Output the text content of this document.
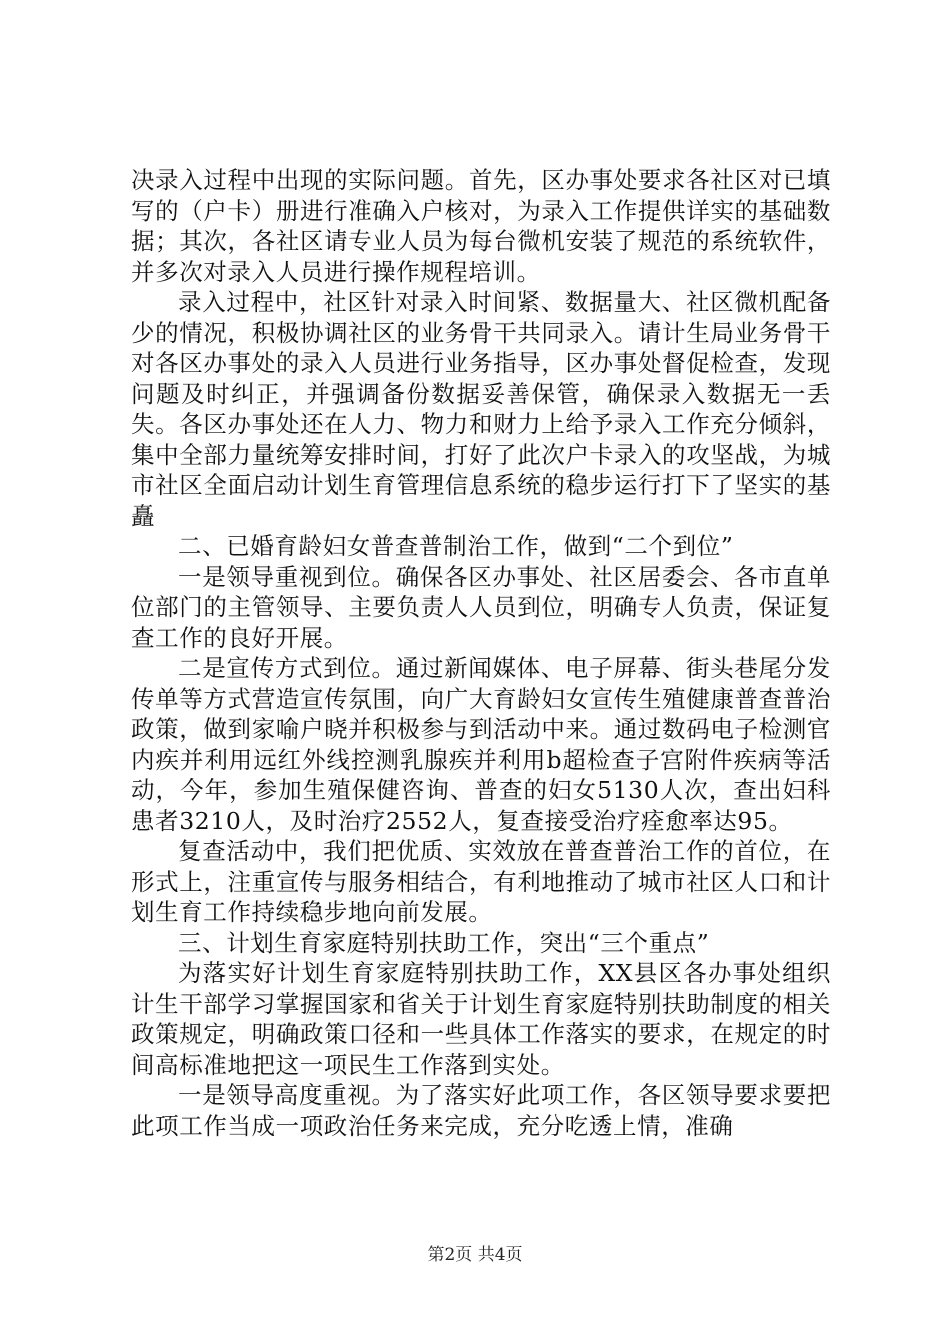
决录入过程中出现的实际问题。首先，区办事处要求各社区对已填写的（户卡）册进行准确入户核对，为录入工作提供详实的基础数据；其次，各社区请专业人员为每台微机安装了规范的系统软件，并多次对录入人员进行操作规程培训。

录入过程中，社区针对录入时间紧、数据量大、社区微机配备少的情况，积极协调社区的业务骨干共同录入。请计生局业务骨干对各区办事处的录入人员进行业务指导，区办事处督促检查，发现问题及时纠正，并强调备份数据妥善保管，确保录入数据无一丢失。各区办事处还在人力、物力和财力上给予录入工作充分倾斜，集中全部力量统筹安排时间，打好了此次户卡录入的攻坚战，为城市社区全面启动计划生育管理信息系统的稳步运行打下了坚实的基矗

二、已婚育龄妇女普查普制治工作，做到“二个到位”

一是领导重视到位。确保各区办事处、社区居委会、各市直单位部门的主管领导、主要负责人人员到位，明确专人负责，保证复查工作的良好开展。

二是宣传方式到位。通过新闻媒体、电子屏幕、街头巷尾分发传单等方式营造宣传氛围，向广大育龄妇女宣传生殖健康普查普治政策，做到家喻户晓并积极参与到活动中来。通过数码电子检测官内疾并利用远红外线控测乳腺疾并利用b超检查子宫附件疾病等活动，今年，参加生殖保健咨询、普查的妇女5130人次，查出妇科患者3210人，及时治疗2552人，复查接受治疗痊愈率达95。

复查活动中，我们把优质、实效放在普查普治工作的首位，在形式上，注重宣传与服务相结合，有利地推动了城市社区人口和计划生育工作持续稳步地向前发展。

三、计划生育家庭特别扶助工作，突出“三个重点”

为落实好计划生育家庭特别扶助工作，XX县区各办事处组织计生干部学习掌握国家和省关于计划生育家庭特别扶助制度的相关政策规定，明确政策口径和一些具体工作落实的要求，在规定的时间高标准地把这一项民生工作落到实处。

一是领导高度重视。为了落实好此项工作，各区领导要求要把此项工作当成一项政治任务来完成，充分吃透上情，准确

第2页 共4页
